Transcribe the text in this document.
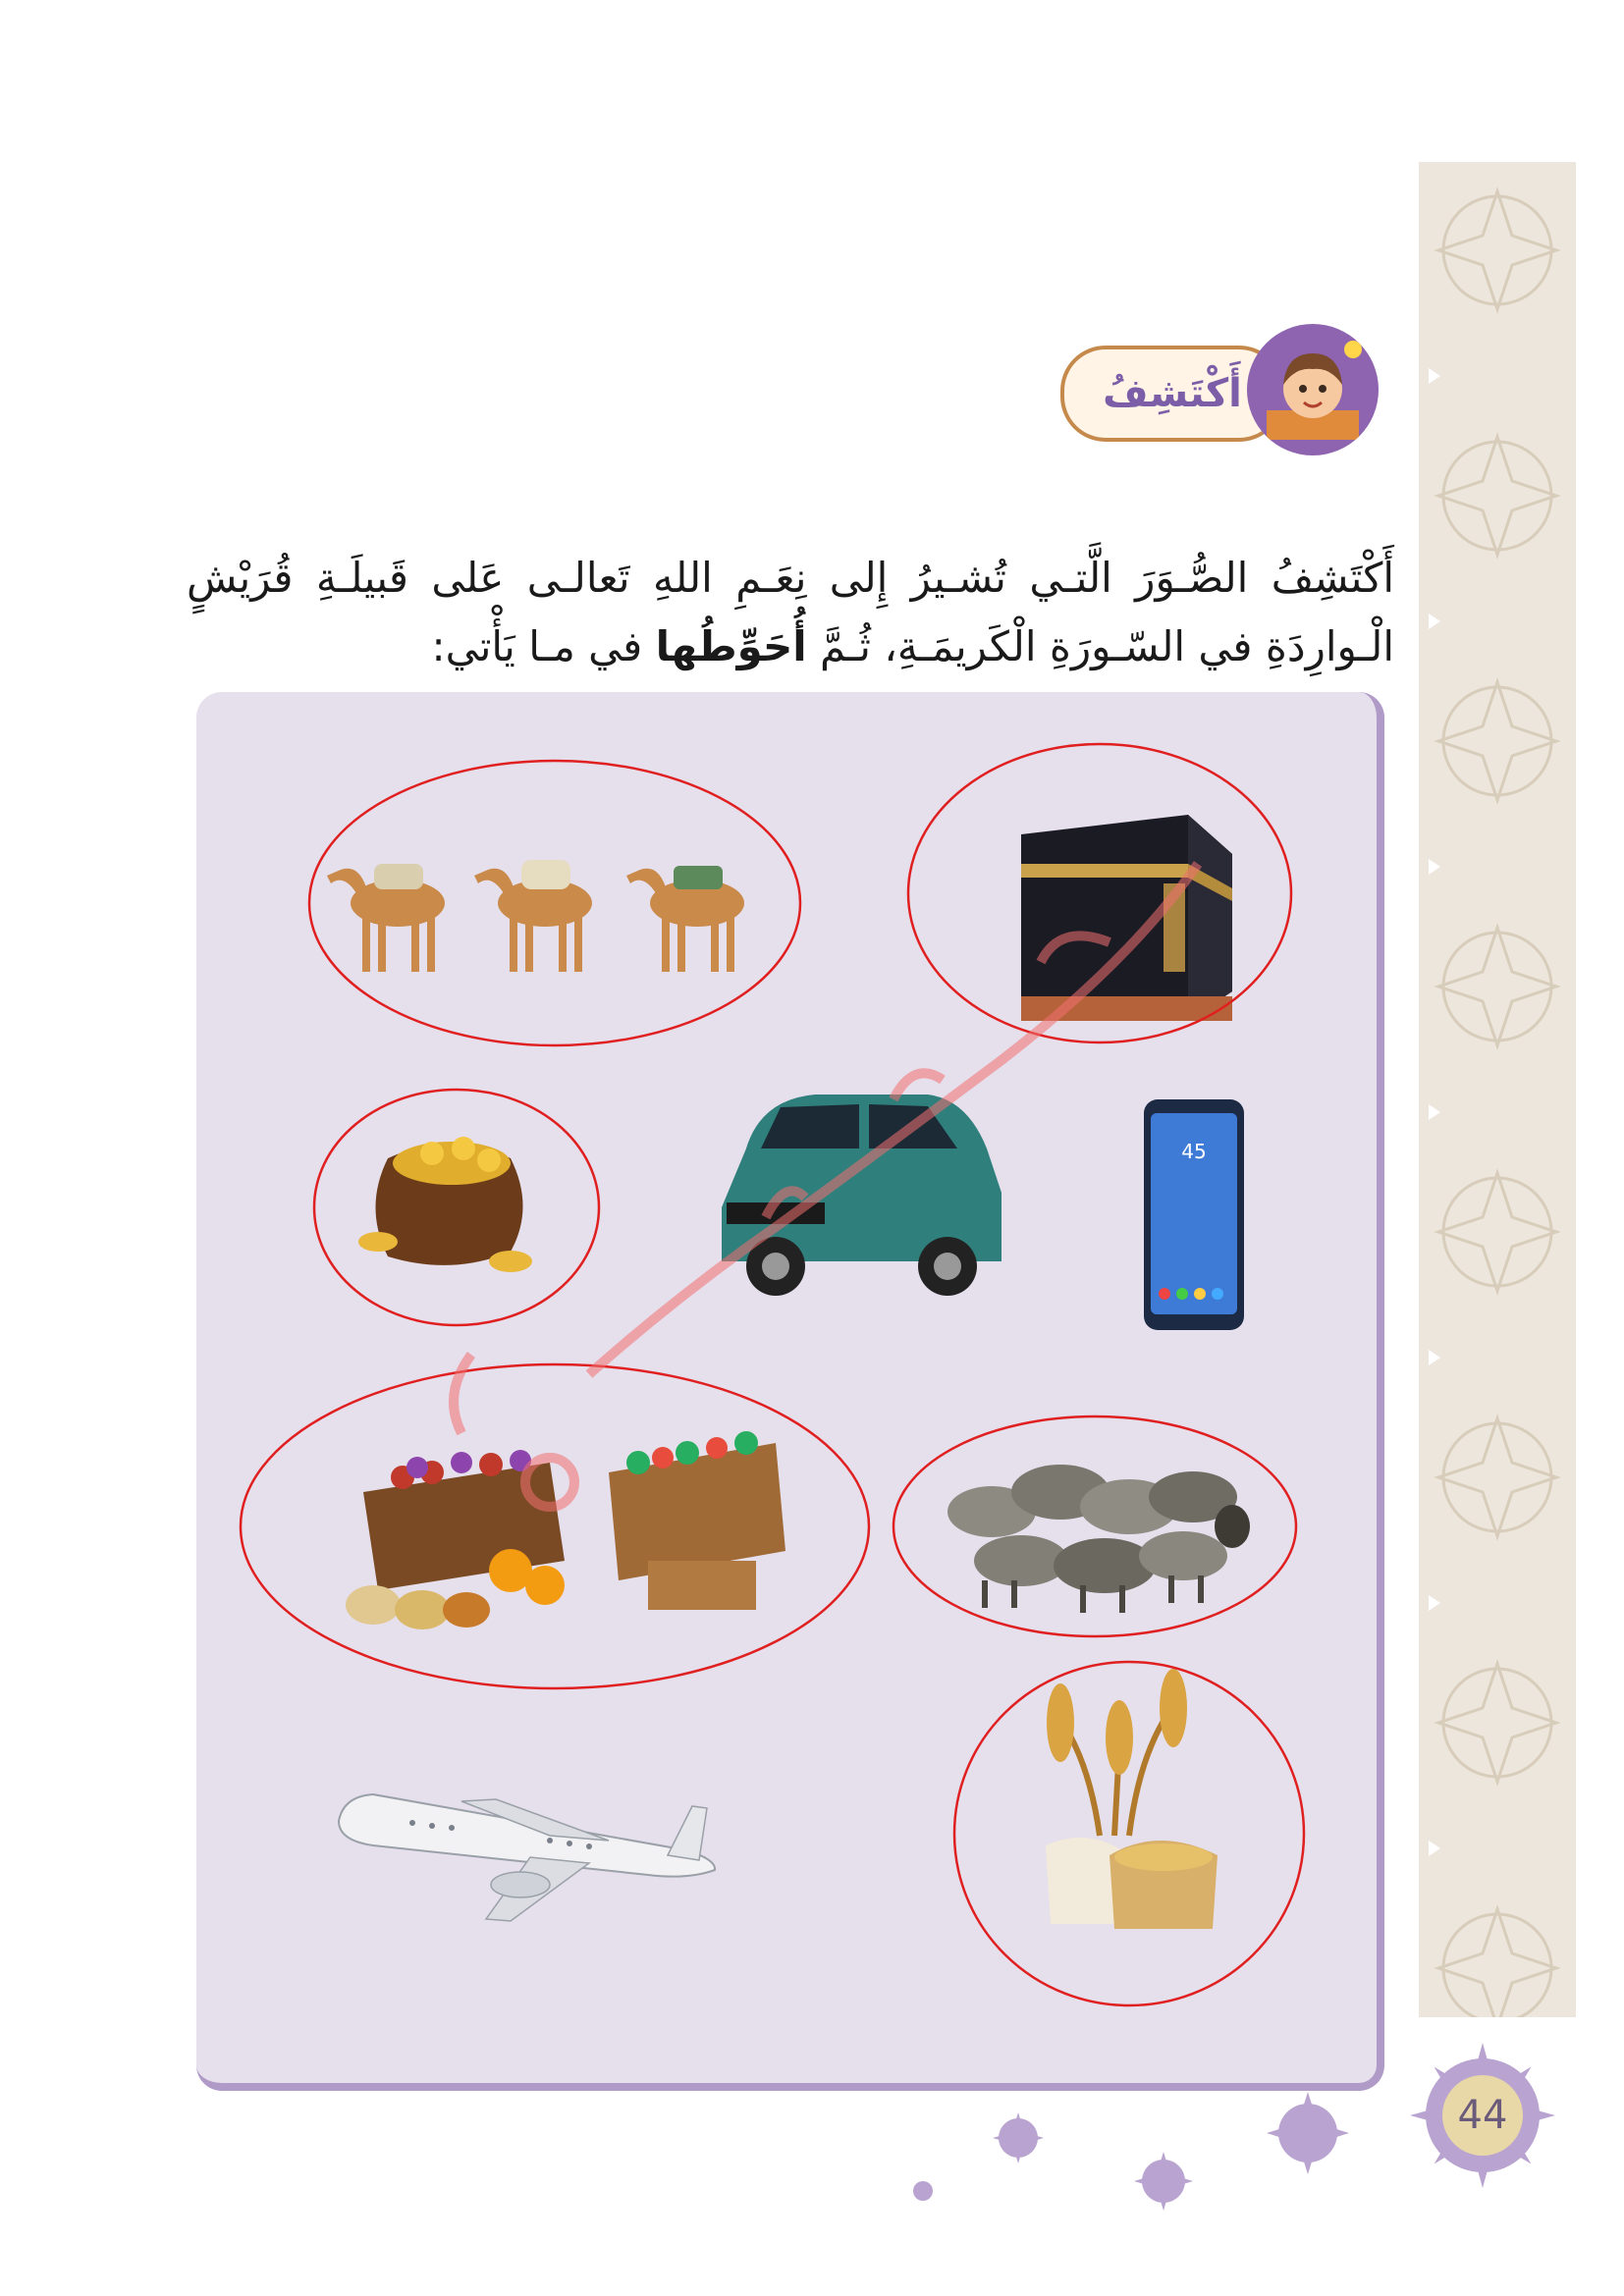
أَكْتَشِفُ

أَكْتَشِفُ الصُّـوَرَ الَّتـي تُشـيرُ إِلى نِعَـمِ اللهِ تَعالـى عَلى قَبيلَـةِ قُرَيْشٍ الْـوارِدَةِ في السّـورَةِ الْكَريمَـةِ، ثُـمَّ أُحَوِّطُها في مـا يَأْتي:

45
44
